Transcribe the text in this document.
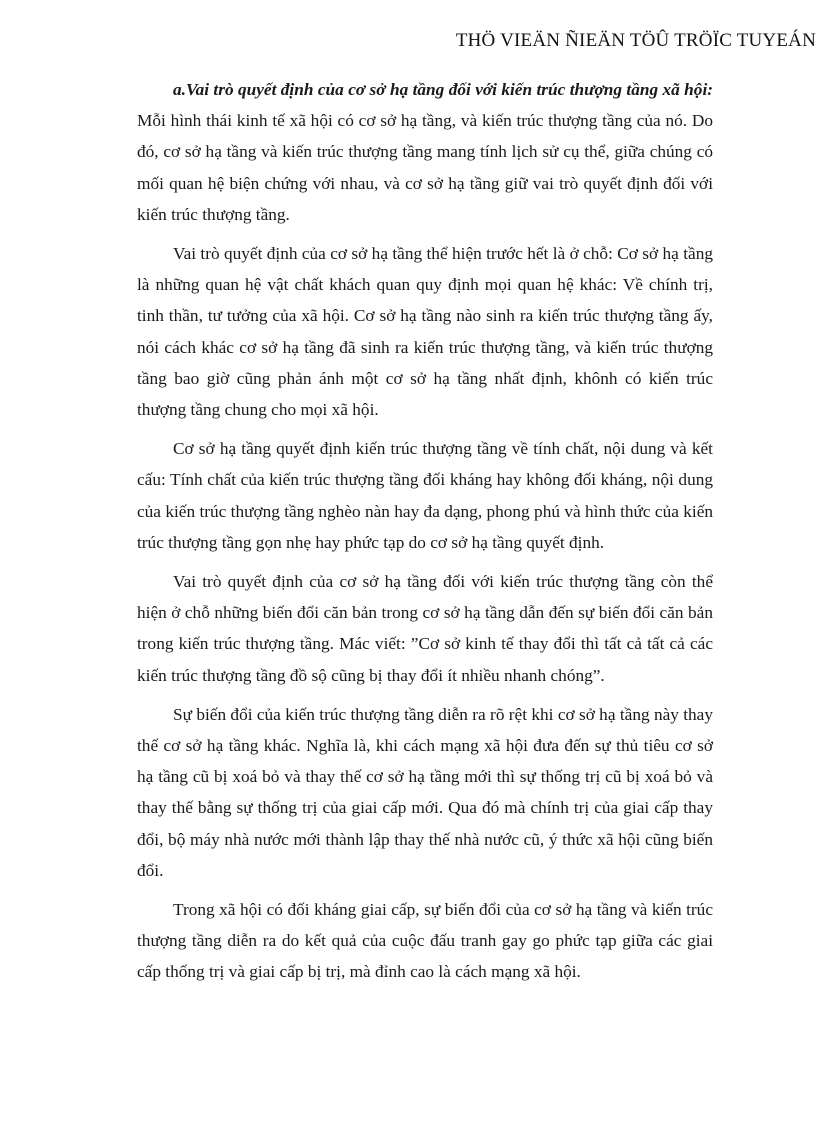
THÖ VIEÄN ÑIEÄN TÖÛ TRÖÏC TUYEÁN

a.Vai trò quyết định của cơ sở hạ tầng đối với kiến trúc thượng tầng xã hội: Mỗi hình thái kinh tế xã hội có cơ sở hạ tầng, và kiến trúc thượng tầng của nó. Do đó, cơ sở hạ tầng và kiến trúc thượng tầng mang tính lịch sử cụ thể, giữa chúng có mối quan hệ biện chứng với nhau, và cơ sở hạ tầng giữ vai trò quyết định đối với kiến trúc thượng tầng.

Vai trò quyết định của cơ sở hạ tầng thể hiện trước hết là ở chỗ: Cơ sở hạ tầng là những quan hệ vật chất khách quan quy định mọi quan hệ khác: Về chính trị, tinh thần, tư tưởng của xã hội. Cơ sở hạ tầng nào sinh ra kiến trúc thượng tầng ấy, nói cách khác cơ sở hạ tầng đã sinh ra kiến trúc thượng tầng, và kiến trúc thượng tầng bao giờ cũng phản ánh một cơ sở hạ tầng nhất định, khônh có kiến trúc thượng tầng chung cho mọi xã hội.

Cơ sở hạ tầng quyết định kiến trúc thượng tầng về tính chất, nội dung và kết cấu: Tính chất của kiến trúc thượng tầng đối kháng hay không đối kháng, nội dung của kiến trúc thượng tầng nghèo nàn hay đa dạng, phong phú và hình thức của kiến trúc thượng tầng gọn nhẹ hay phức tạp do cơ sở hạ tầng quyết định.

Vai trò quyết định của cơ sở hạ tầng đối với kiến trúc thượng tầng còn thể hiện ở chỗ những biến đổi căn bản trong cơ sở hạ tầng dẫn đến sự biến đổi căn bản trong kiến trúc thượng tầng. Mác viết: ”Cơ sở kinh tế thay đổi thì tất cả tất cả các kiến trúc thượng tầng đồ sộ cũng bị thay đổi ít nhiều nhanh chóng”.

Sự biến đổi của kiến trúc thượng tầng diễn ra rõ rệt khi cơ sở hạ tầng này thay thế cơ sở hạ tầng khác. Nghĩa là, khi cách mạng xã hội đưa đến sự thủ tiêu cơ sở hạ tầng cũ bị xoá bỏ và thay thế cơ sở hạ tầng mới thì sự thống trị cũ bị xoá bỏ và thay thế bằng sự thống trị của giai cấp mới. Qua đó mà chính trị của giai cấp thay đổi, bộ máy nhà nước mới thành lập thay thế nhà nước cũ, ý thức xã hội cũng biến đổi.

Trong xã hội có đối kháng giai cấp, sự biến đổi của cơ sở hạ tầng và kiến trúc thượng tầng diễn ra do kết quả của cuộc đấu tranh gay go phức tạp giữa các giai cấp thống trị và giai cấp bị trị, mà đỉnh cao là cách mạng xã hội.
